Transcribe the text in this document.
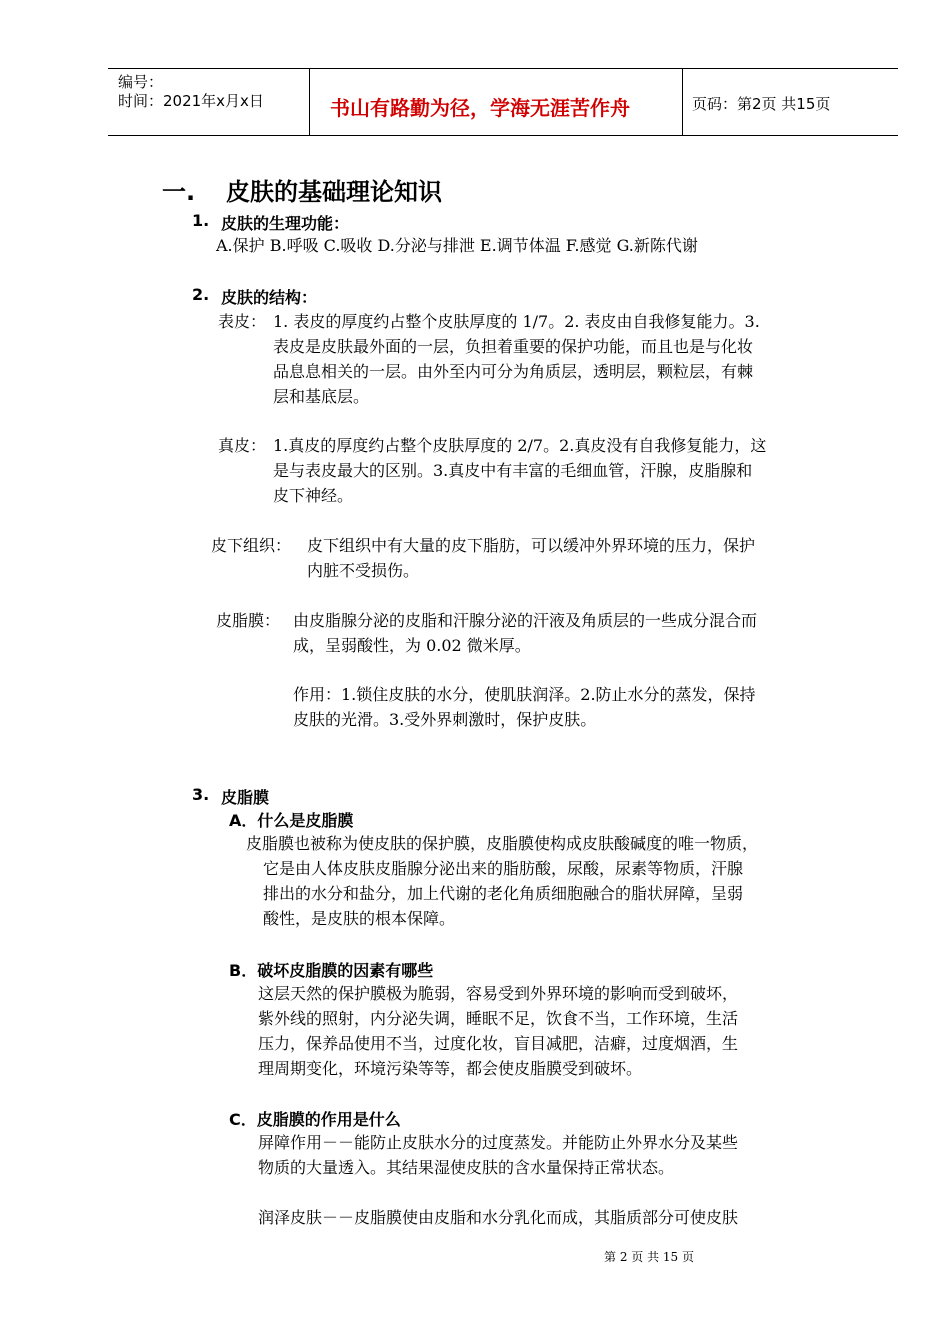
编号：
时间：2021年x月x日	书山有路勤为径，学海无涯苦作舟	页码：第2页 共15页
一. 皮肤的基础理论知识
1. 皮肤的生理功能：
A.保护 B.呼吸 C.吸收 D.分泌与排泄 E.调节体温 F.感觉 G.新陈代谢
2. 皮肤的结构：
表皮： 1. 表皮的厚度约占整个皮肤厚度的 1/7。2. 表皮由自我修复能力。3.
表皮是皮肤最外面的一层，负担着重要的保护功能，而且也是与化妆
品息息相关的一层。由外至内可分为角质层，透明层，颗粒层，有棘
层和基底层。
真皮： 1.真皮的厚度约占整个皮肤厚度的 2/7。2.真皮没有自我修复能力，这
是与表皮最大的区别。3.真皮中有丰富的毛细血管，汗腺，皮脂腺和
皮下神经。
皮下组织： 皮下组织中有大量的皮下脂肪，可以缓冲外界环境的压力，保护
内脏不受损伤。
皮脂膜： 由皮脂腺分泌的皮脂和汗腺分泌的汗液及角质层的一些成分混合而
成，呈弱酸性，为 0.02 微米厚。
作用：1.锁住皮肤的水分，使肌肤润泽。2.防止水分的蒸发，保持
皮肤的光滑。3.受外界刺激时，保护皮肤。
3. 皮脂膜
A．什么是皮脂膜
皮脂膜也被称为使皮肤的保护膜，皮脂膜使构成皮肤酸碱度的唯一物质，
它是由人体皮肤皮脂腺分泌出来的脂肪酸，尿酸，尿素等物质，汗腺
排出的水分和盐分，加上代谢的老化角质细胞融合的脂状屏障，呈弱
酸性，是皮肤的根本保障。
B．破坏皮脂膜的因素有哪些
这层天然的保护膜极为脆弱，容易受到外界环境的影响而受到破坏，
紫外线的照射，内分泌失调，睡眠不足，饮食不当，工作环境，生活
压力，保养品使用不当，过度化妆，盲目减肥，洁癖，过度烟酒，生
理周期变化，环境污染等等，都会使皮脂膜受到破坏。
C．皮脂膜的作用是什么
屏障作用－－能防止皮肤水分的过度蒸发。并能防止外界水分及某些
物质的大量透入。其结果湿使皮肤的含水量保持正常状态。
润泽皮肤－－皮脂膜使由皮脂和水分乳化而成，其脂质部分可使皮肤
第 2 页 共 15 页
